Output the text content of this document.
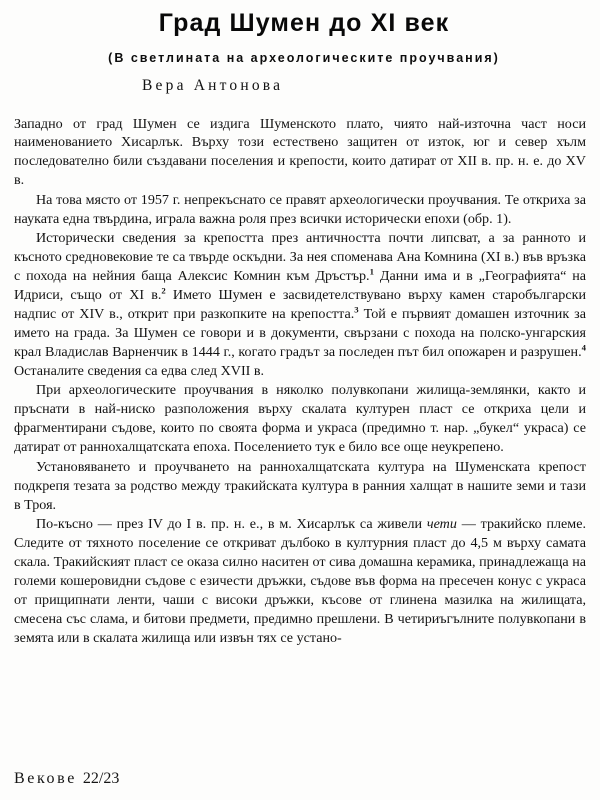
Град Шумен до XI век
(В светлината на археологическите проучвания)
Вера Антонова

Западно от град Шумен се издига Шуменското плато, чиято най-източна част носи наименованието Хисарлък. Върху този естествено защитен от изток, юг и север хълм последователно били създавани поселения и крепости, които датират от XII в. пр. н. е. до XV в.

На това място от 1957 г. непрекъснато се правят археологически проучвания. Те откриха за науката една твърдина, играла важна роля през всички исторически епохи (обр. 1).

Исторически сведения за крепостта през античността почти липсват, а за ранното и късното средновековие те са твърде оскъдни. За нея споменава Ана Комнина (XI в.) във връзка с похода на нейния баща Алексис Комнин към Дръстър.$^1$ Данни има и в „Географията“ на Идриси, също от XI в.$^2$ Името Шумен е засвидетелствувано върху камен старобългарски надпис от XIV в., открит при разкопките на крепостта.$^3$ Той е първият домашен източник за името на града. За Шумен се говори и в документи, свързани с похода на полско-унгарския крал Владислав Варненчик в 1444 г., когато градът за последен път бил опожарен и разрушен.$^4$ Останалите сведения са едва след XVII в.

При археологическите проучвания в няколко полувкопани жилища-землянки, както и пръснати в най-ниско разположения върху скалата културен пласт се откриха цели и фрагментирани съдове, които по своята форма и украса (предимно т. нар. „букел“ украса) се датират от раннохалщатската епоха. Поселението тук е било все още неукрепено.

Установяването и проучването на раннохалщатската култура на Шуменската крепост подкрепя тезата за родство между тракийската култура в ранния халщат в нашите земи и тази в Троя.

По-късно — през IV до I в. пр. н. е., в м. Хисарлък са живели чети — тракийско племе. Следите от тяхното поселение се откриват дълбоко в културния пласт до 4,5 м върху самата скала. Тракийският пласт се оказа силно наситен от сива домашна керамика, принадлежаща на големи кошеровидни съдове с езичести дръжки, съдове във форма на пресечен конус с украса от прищипнати ленти, чаши с високи дръжки, късове от глинена мазилка на жилищата, смесена със слама, и битови предмети, предимно прешлени. В четириъгълните полувкопани в земята или в скалата жилища или извън тях се устано-

Векове 22/23
